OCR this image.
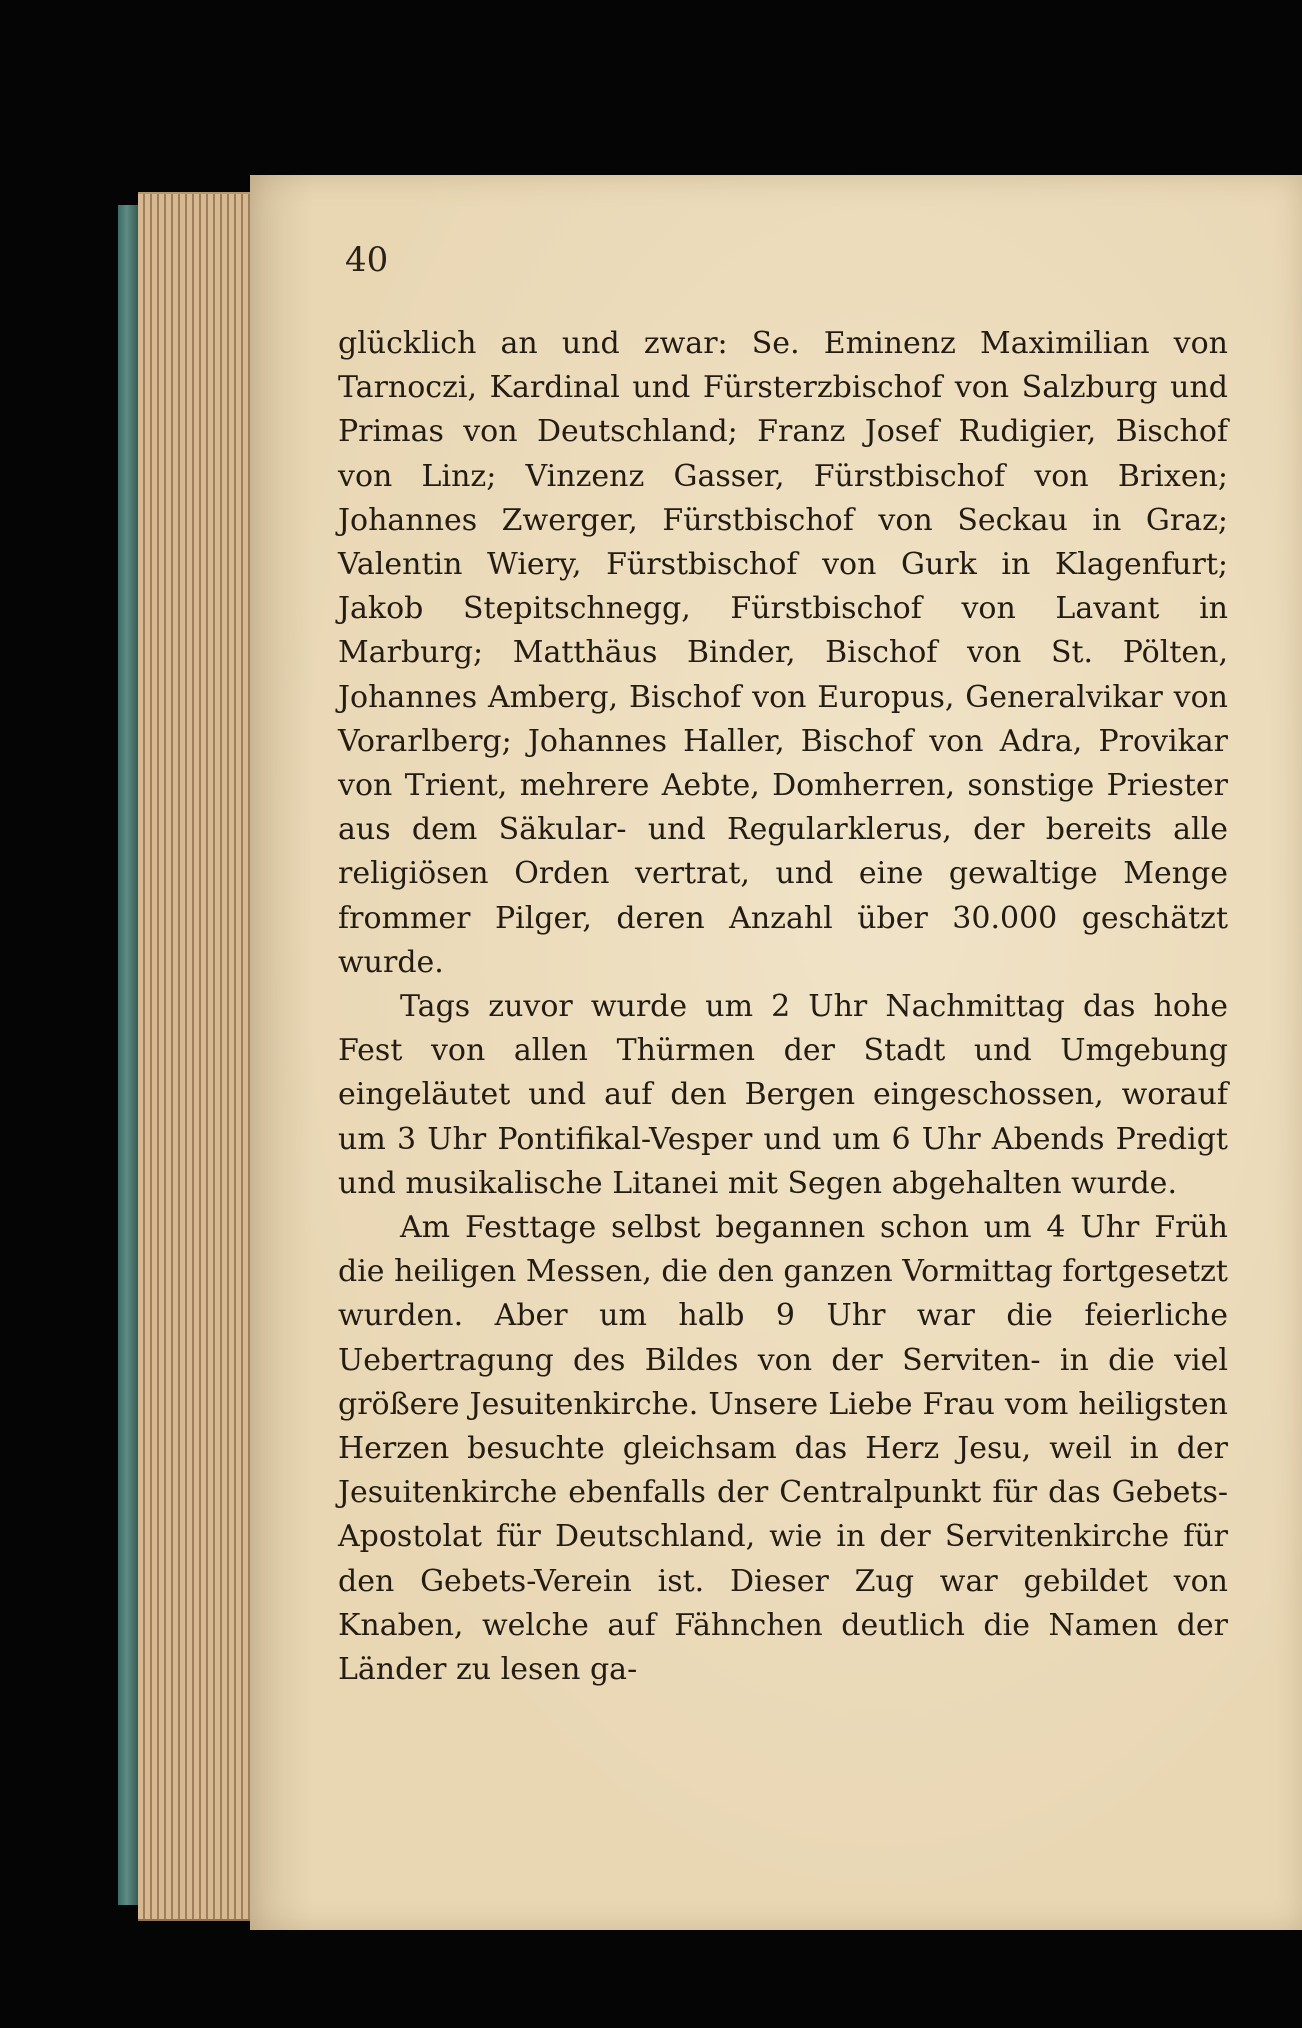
40

glücklich an und zwar: Se. Eminenz Maximilian von Tarnoczi, Kardinal und Fürsterzbischof von Salzburg und Primas von Deutschland; Franz Josef Rudigier, Bischof von Linz; Vinzenz Gasser, Fürstbischof von Brixen; Johannes Zwerger, Fürstbischof von Seckau in Graz; Valentin Wiery, Fürstbischof von Gurk in Klagenfurt; Jakob Stepitschnegg, Fürstbischof von Lavant in Marburg; Matthäus Binder, Bischof von St. Pölten, Johannes Amberg, Bischof von Europus, Generalvikar von Vorarlberg; Johannes Haller, Bischof von Adra, Provikar von Trient, mehrere Aebte, Domherren, sonstige Priester aus dem Säkular- und Regularklerus, der bereits alle religiösen Orden vertrat, und eine gewaltige Menge frommer Pilger, deren Anzahl über 30.000 geschätzt wurde.

Tags zuvor wurde um 2 Uhr Nachmittag das hohe Fest von allen Thürmen der Stadt und Umgebung eingeläutet und auf den Bergen eingeschossen, worauf um 3 Uhr Pontifikal-Vesper und um 6 Uhr Abends Predigt und musikalische Litanei mit Segen abgehalten wurde.

Am Festtage selbst begannen schon um 4 Uhr Früh die heiligen Messen, die den ganzen Vormittag fortgesetzt wurden. Aber um halb 9 Uhr war die feierliche Uebertragung des Bildes von der Serviten- in die viel größere Jesuitenkirche. Unsere Liebe Frau vom heiligsten Herzen besuchte gleichsam das Herz Jesu, weil in der Jesuitenkirche ebenfalls der Centralpunkt für das Gebets-Apostolat für Deutschland, wie in der Servitenkirche für den Gebets-Verein ist. Dieser Zug war gebildet von Knaben, welche auf Fähnchen deutlich die Namen der Länder zu lesen ga-
